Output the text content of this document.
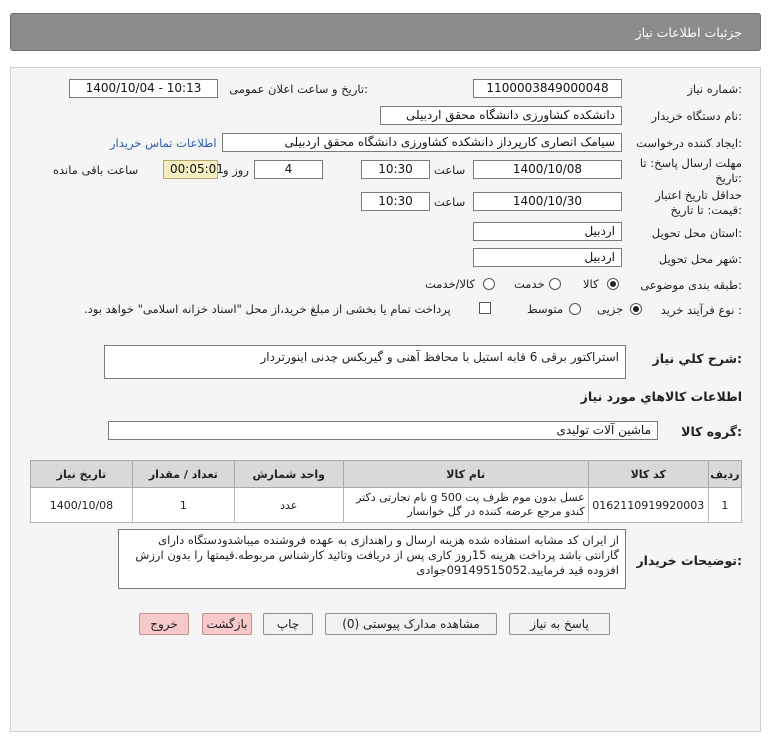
جزئیات اطلاعات نیاز
شماره نیاز:
1100003849000048
تاریخ و ساعت اعلان عمومی:
1400/10/04 - 10:13
نام دستگاه خریدار:
دانشکده کشاورزی دانشگاه محقق اردبیلی
ایجاد کننده درخواست:
سیامک انصاری کارپرداز دانشکده کشاورزی دانشگاه محقق اردبیلی
اطلاعات تماس خریدار
مهلت ارسال پاسخ: تا
تاریخ:
1400/10/08
ساعت
10:30
4
روز و
00:05:01
ساعت باقی مانده
حداقل تاریخ اعتبار
قیمت: تا تاریخ:
1400/10/30
ساعت
10:30
استان محل تحویل:
اردبیل
شهر محل تحویل:
اردبیل
طبقه بندی موضوعی:
کالا
خدمت
کالا/خدمت
نوع فرآیند خرید :
جزیی
متوسط
پرداخت تمام یا بخشی از مبلغ خرید،از محل "اسناد خزانه اسلامی" خواهد بود.
شرح کلي نياز:
استراکتور برقی 6 قابه استیل با محافظ آهنی و گیربکس چدنی اینورتردار
اطلاعات کالاهاي مورد نياز
گروه کالا:
ماشین آلات تولیدی
ردیف	کد کالا	نام کالا	واحد شمارش	تعداد / مقدار	تاریخ نیاز
1	0162110919920003	عسل بدون موم ظرف پت 500 g نام تجارتی دکتر کندو مرجع عرضه کننده در گل خوانسار	عدد	1	1400/10/08
توضیحات خریدار:
از ایران کد مشابه استفاده شده هزینه ارسال و راهندازی به عهده فروشنده میباشدودستگاه دارای گارانتی باشد پرداخت هزینه 15روز کاری پس از دریافت وتائید کارشناس مربوطه.قیمتها را بدون ارزش افزوده قید فرمایید.09149515052جوادی
پاسخ به نیاز
مشاهده مدارک پیوستی (0)
چاپ
بازگشت
خروج
